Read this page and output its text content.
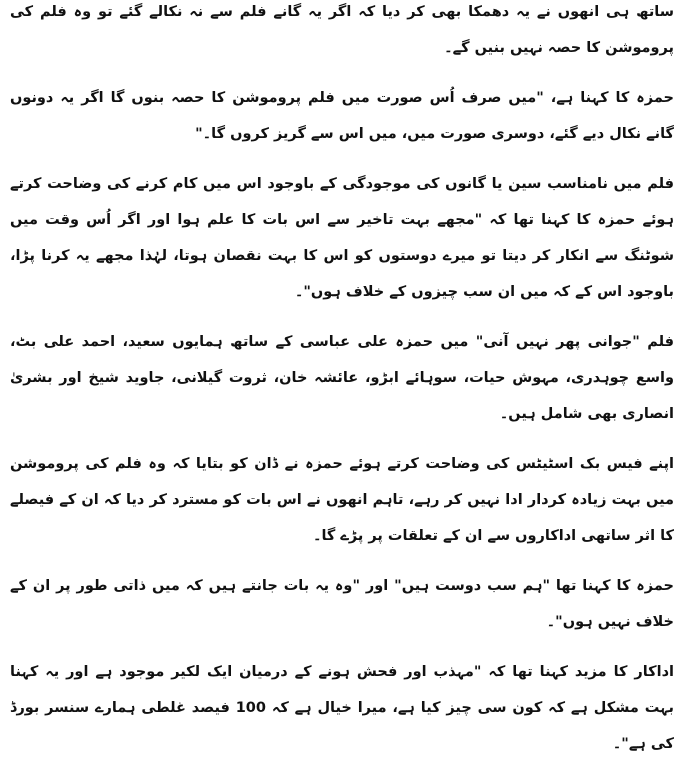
ساتھ ہی انھوں نے یہ دھمکا بھی کر دیا کہ اگر یہ گانے فلم سے نہ نکالے گئے تو وہ فلم کی پروموشن کا حصہ نہیں بنیں گے۔

حمزہ کا کہنا ہے، "میں صرف اُس صورت میں فلم پروموشن کا حصہ بنوں گا اگر یہ دونوں گانے نکال دیے گئے، دوسری صورت میں، میں اس سے گریز کروں گا۔"

فلم میں نامناسب سین یا گانوں کی موجودگی کے باوجود اس میں کام کرنے کی وضاحت کرتے ہوئے حمزہ کا کہنا تھا کہ "مجھے بہت تاخیر سے اس بات کا علم ہوا اور اگر اُس وقت میں شوٹنگ سے انکار کر دیتا تو میرے دوستوں کو اس کا بہت نقصان ہوتا، لہٰذا مجھے یہ کرنا پڑا، باوجود اس کے کہ میں ان سب چیزوں کے خلاف ہوں"۔

فلم "جوانی پھر نہیں آنی" میں حمزہ علی عباسی کے ساتھ ہمایوں سعید، احمد علی بٹ، واسع چوہدری، مہوش حیات، سوہائے ابڑو، عائشہ خان، ثروت گیلانی، جاوید شیخ اور بشریٰ انصاری بھی شامل ہیں۔

اپنے فیس بک اسٹیٹس کی وضاحت کرتے ہوئے حمزہ نے ڈان کو بتایا کہ وہ فلم کی پروموشن میں بہت زیادہ کردار ادا نہیں کر رہے، تاہم انھوں نے اس بات کو مسترد کر دیا کہ ان کے فیصلے کا اثر ساتھی اداکاروں سے ان کے تعلقات پر پڑے گا۔

حمزہ کا کہنا تھا "ہم سب دوست ہیں" اور "وہ یہ بات جانتے ہیں کہ میں ذاتی طور پر ان کے خلاف نہیں ہوں"۔

اداکار کا مزید کہنا تھا کہ "مہذب اور فحش ہونے کے درمیان ایک لکیر موجود ہے اور یہ کہنا بہت مشکل ہے کہ کون سی چیز کیا ہے، میرا خیال ہے کہ 100 فیصد غلطی ہمارے سنسر بورڈ کی ہے"۔
